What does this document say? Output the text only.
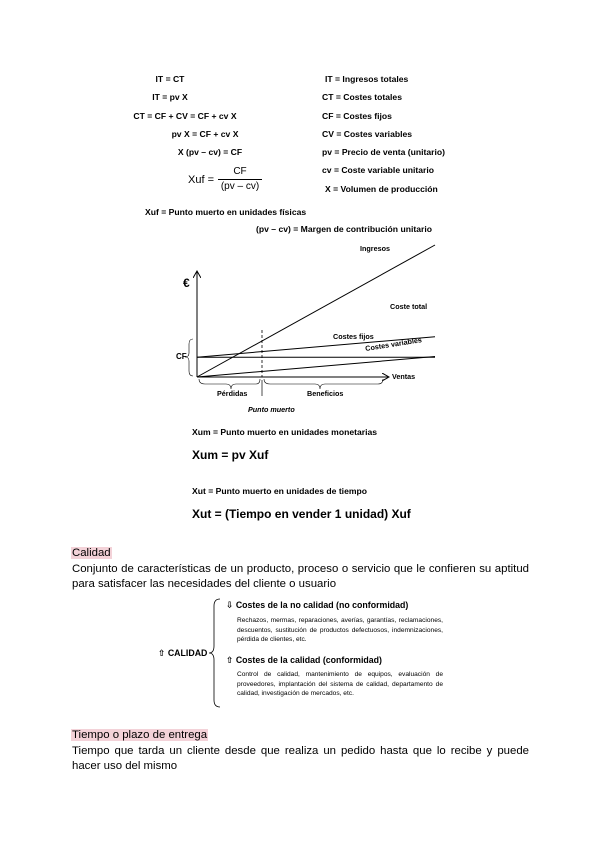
IT = CT
IT = pv X
CT = CF + CV = CF + cv X
pv X = CF + cv X
X (pv – cv) = CF
Xuf =
CF
(pv – cv)
IT = Ingresos totales
CT = Costes totales
CF = Costes fijos
CV = Costes variables
pv = Precio de venta (unitario)
cv = Coste variable unitario
X = Volumen de producción
Xuf = Punto muerto en unidades físicas
(pv – cv) = Margen de contribución unitario
€
Ingresos
Coste total
Costes fijos
Costes variables
CF
Ventas
Pérdidas	Beneficios
Punto muerto
Xum = Punto muerto en unidades monetarias
Xum = pv Xuf
Xut = Punto muerto en unidades de tiempo
Xut = (Tiempo en vender 1 unidad) Xuf
Calidad
Conjunto de características de un producto, proceso o servicio que le confieren su aptitud para satisfacer las necesidades del cliente o usuario
⇧ CALIDAD
⇩ Costes de la no calidad (no conformidad)
Rechazos, mermas, reparaciones, averías, garantías, reclamaciones, descuentos, sustitución de productos defectuosos, indemnizaciones, pérdida de clientes, etc.
⇧ Costes de la calidad (conformidad)
Control de calidad, mantenimiento de equipos, evaluación de proveedores, implantación del sistema de calidad, departamento de calidad, investigación de mercados, etc.
Tiempo o plazo de entrega
Tiempo que tarda un cliente desde que realiza un pedido hasta que lo recibe y puede hacer uso del mismo
